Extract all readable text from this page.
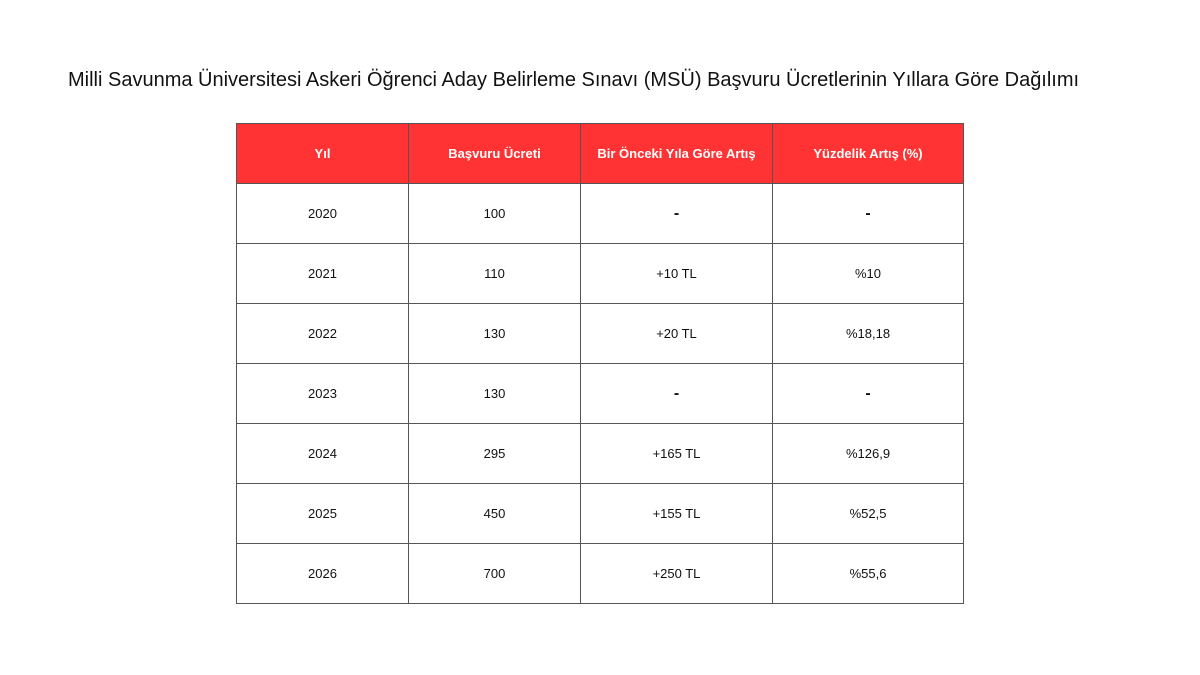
Milli Savunma Üniversitesi Askeri Öğrenci Aday Belirleme Sınavı (MSÜ) Başvuru Ücretlerinin Yıllara Göre Dağılımı
Yıl	Başvuru Ücreti	Bir Önceki Yıla Göre Artış	Yüzdelik Artış (%)
2020	100	-	-
2021	110	+10 TL	%10
2022	130	+20 TL	%18,18
2023	130	-	-
2024	295	+165 TL	%126,9
2025	450	+155 TL	%52,5
2026	700	+250 TL	%55,6
